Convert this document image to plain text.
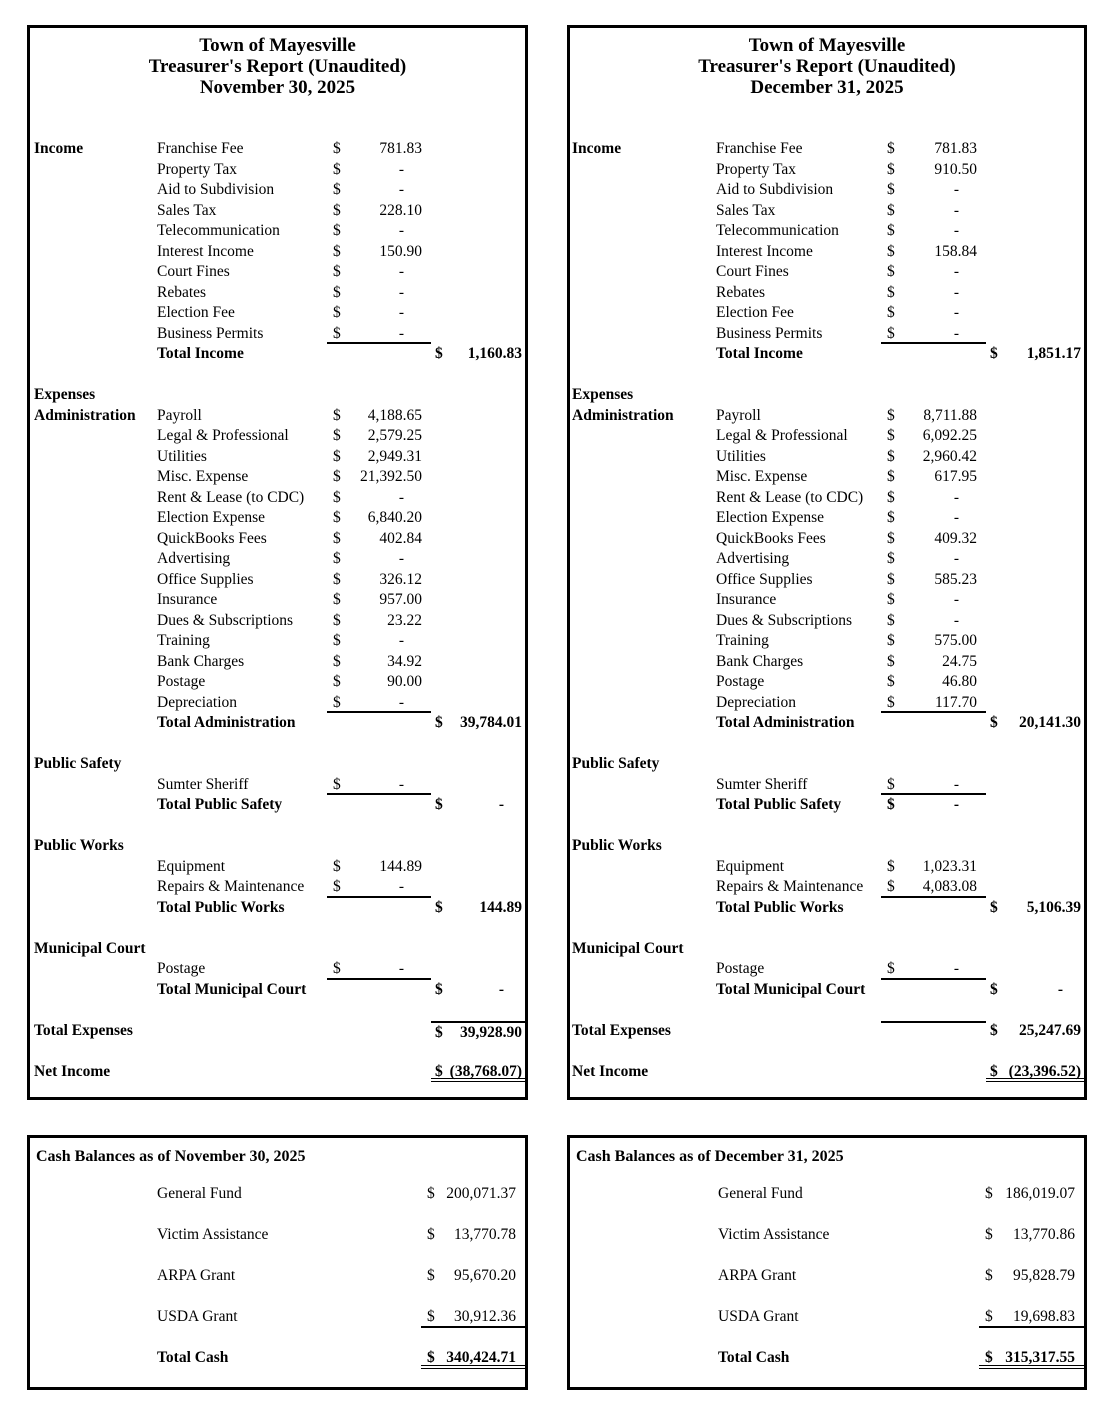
Town of Mayesville
Treasurer's Report (Unaudited)
November 30, 2025
Income	Franchise Fee	$ 781.83
Property Tax	$	-
Aid to Subdivision	$	-
Sales Tax	$ 228.10
Telecommunication	$	-
Interest Income	$ 150.90
Court Fines	$	-
Rebates	$	-
Election Fee	$	-
Business Permits	$	-
Total Income	$ 1,160.83
Expenses
Administration	Payroll	$ 4,188.65
Legal & Professional	$ 2,579.25
Utilities	$ 2,949.31
Misc. Expense	$ 21,392.50
Rent & Lease (to CDC)	$	-
Election Expense	$ 6,840.20
QuickBooks Fees	$ 402.84
Advertising	$	-
Office Supplies	$ 326.12
Insurance	$ 957.00
Dues & Subscriptions	$	23.22
Training	$	-
Bank Charges	$	34.92
Postage	$	90.00
Depreciation	$	-
Total Administration	$ 39,784.01
Public Safety
Sumter Sheriff	$	-
Total Public Safety	$	-
Public Works
Equipment	$ 144.89
Repairs & Maintenance	$	-
Total Public Works	$ 144.89
Municipal Court
Postage	$	-
Total Municipal Court	$	-
Total Expenses	$ 39,928.90
Net Income	$ (38,768.07)
Town of Mayesville
Treasurer's Report (Unaudited)
December 31, 2025
Income	Franchise Fee	$	781.83
Property Tax	$	910.50
Aid to Subdivision	$	-
Sales Tax	$	-
Telecommunication	$	-
Interest Income	$	158.84
Court Fines	$	-
Rebates	$	-
Election Fee	$	-
Business Permits	$	-
Total Income	$ 1,851.17
Expenses
Administration	Payroll	$ 8,711.88
Legal & Professional	$ 6,092.25
Utilities	$ 2,960.42
Misc. Expense	$	617.95
Rent & Lease (to CDC)	$	-
Election Expense	$	-
QuickBooks Fees	$	409.32
Advertising	$	-
Office Supplies	$	585.23
Insurance	$	-
Dues & Subscriptions	$	-
Training	$	575.00
Bank Charges	$	24.75
Postage	$	46.80
Depreciation	$	117.70
Total Administration	$ 20,141.30
Public Safety
Sumter Sheriff	$	-
Total Public Safety	$	-
Public Works
Equipment	$ 1,023.31
Repairs & Maintenance	$ 4,083.08
Total Public Works	$ 5,106.39
Municipal Court
Postage	$	-
Total Municipal Court	$	-
Total Expenses	$ 25,247.69
Net Income	$ (23,396.52)
Cash Balances as of November 30, 2025
General Fund	$ 200,071.37
Victim Assistance	$ 13,770.78
ARPA Grant	$ 95,670.20
USDA Grant	$ 30,912.36
Total Cash	$ 340,424.71
Cash Balances as of December 31, 2025
General Fund	$ 186,019.07
Victim Assistance	$ 13,770.86
ARPA Grant	$ 95,828.79
USDA Grant	$ 19,698.83
Total Cash	$ 315,317.55
